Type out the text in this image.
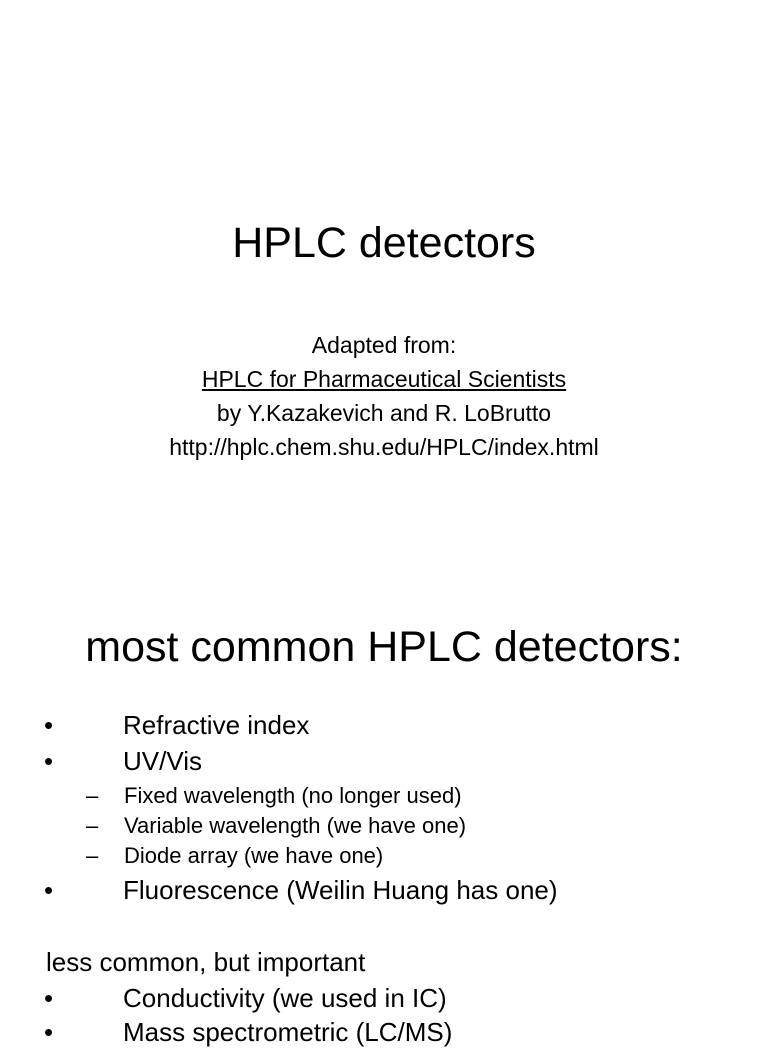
HPLC detectors
Adapted from:
HPLC for Pharmaceutical Scientists
by Y.Kazakevich and R. LoBrutto
http://hplc.chem.shu.edu/HPLC/index.html
most common HPLC detectors:
•	Refractive index
•	UV/Vis
– Fixed wavelength (no longer used)
– Variable wavelength (we have one)
– Diode array (we have one)
•	Fluorescence (Weilin Huang has one)
less common, but important
•	Conductivity (we used in IC)
•	Mass spectrometric (LC/MS)
